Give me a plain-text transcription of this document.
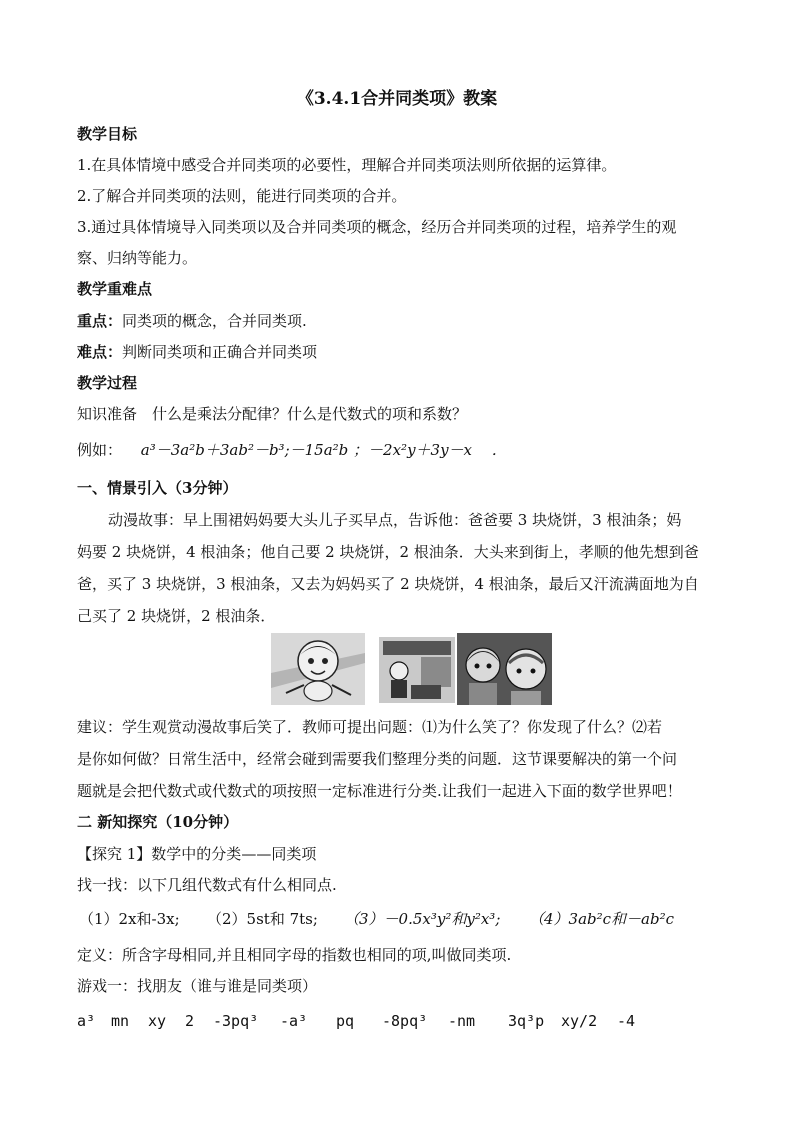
《3.4.1合并同类项》教案
教学目标
1.在具体情境中感受合并同类项的必要性，理解合并同类项法则所依据的运算律。
2.了解合并同类项的法则，能进行同类项的合并。
3.通过具体情境导入同类项以及合并同类项的概念，经历合并同类项的过程，培养学生的观
察、归纳等能力。
教学重难点
重点：同类项的概念，合并同类项.
难点：判断同类项和正确合并同类项
教学过程
知识准备　什么是乘法分配律？什么是代数式的项和系数？
例如： a³－3a²b＋3ab²－b³;－15a²b ；－2x²y＋3y－x　 ．
一、情景引入（3分钟）
动漫故事：早上围裙妈妈要大头儿子买早点，告诉他：爸爸要 3 块烧饼，3 根油条；妈
妈要 2 块烧饼，4 根油条；他自己要 2 块烧饼，2 根油条．大头来到街上，孝顺的他先想到爸
爸，买了 3 块烧饼，3 根油条，又去为妈妈买了 2 块烧饼，4 根油条，最后又汗流满面地为自
己买了 2 块烧饼，2 根油条．
建议：学生观赏动漫故事后笑了．教师可提出问题：⑴为什么笑了？你发现了什么？⑵若
是你如何做？日常生活中，经常会碰到需要我们整理分类的问题．这节课要解决的第一个问
题就是会把代数式或代数式的项按照一定标准进行分类.让我们一起进入下面的数学世界吧！
二 新知探究（10分钟）
【探究 1】数学中的分类——同类项
找一找：以下几组代数式有什么相同点.
（1）2x和-3x; （2）5st和 7ts; （3）－0.5x³y²和y²x³; （4）3ab²c和－ab²c
定义：所含字母相同,并且相同字母的指数也相同的项,叫做同类项.
游戏一：找朋友（谁与谁是同类项）
a³ mn xy 2 -3pq³ -a³ pq -8pq³ -nm 3q³p xy/2 -4
